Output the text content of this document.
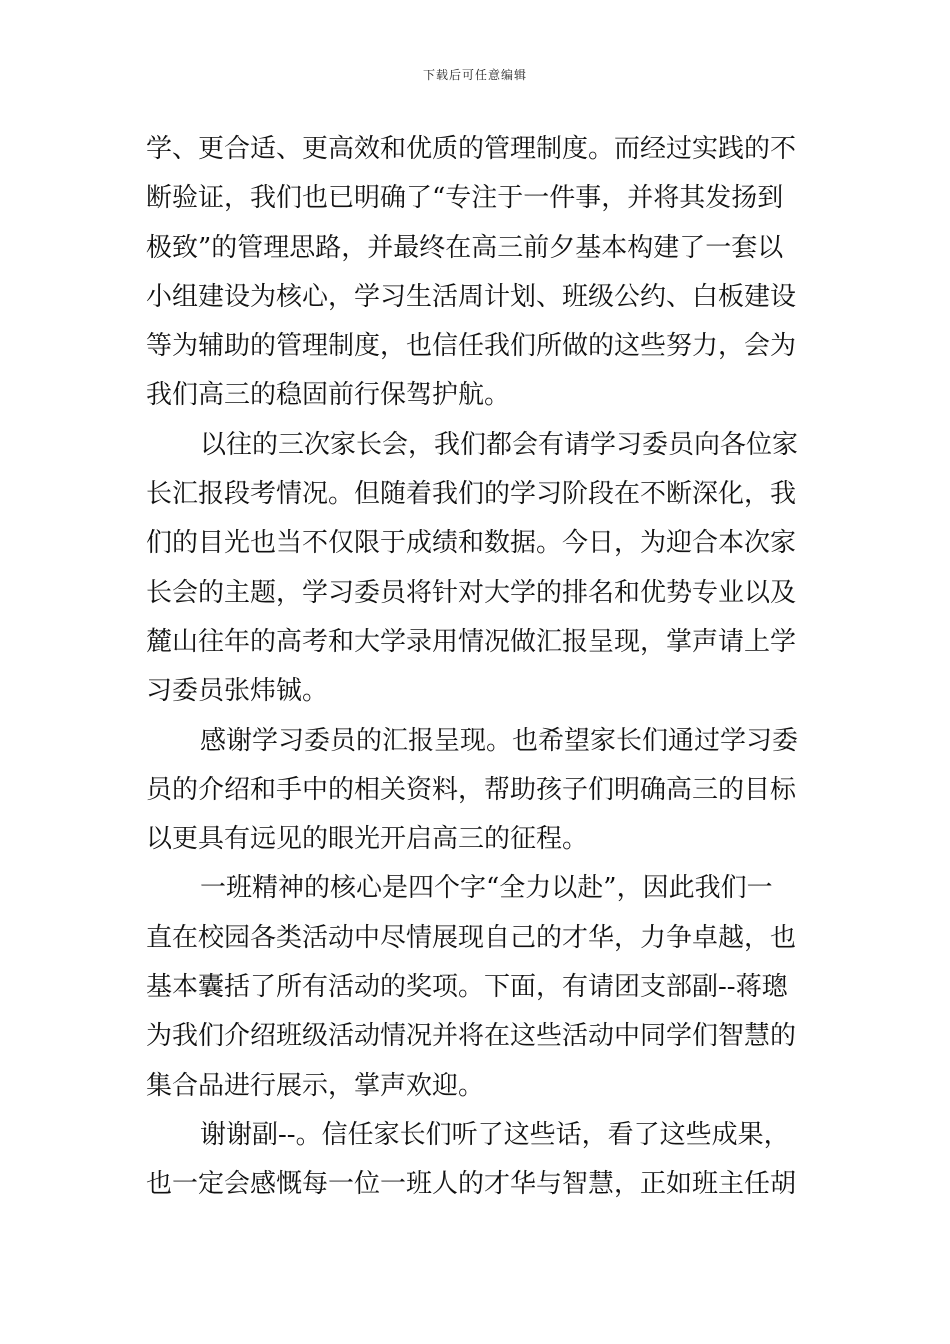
下载后可任意编辑
学、更合适、更高效和优质的管理制度。而经过实践的不
断验证，我们也已明确了“专注于一件事，并将其发扬到
极致”的管理思路，并最终在高三前夕基本构建了一套以
小组建设为核心，学习生活周计划、班级公约、白板建设
等为辅助的管理制度，也信任我们所做的这些努力，会为
我们高三的稳固前行保驾护航。
以往的三次家长会，我们都会有请学习委员向各位家
长汇报段考情况。但随着我们的学习阶段在不断深化，我
们的目光也当不仅限于成绩和数据。今日，为迎合本次家
长会的主题，学习委员将针对大学的排名和优势专业以及
麓山往年的高考和大学录用情况做汇报呈现，掌声请上学
习委员张炜铖。
感谢学习委员的汇报呈现。也希望家长们通过学习委
员的介绍和手中的相关资料，帮助孩子们明确高三的目标
以更具有远见的眼光开启高三的征程。
一班精神的核心是四个字“全力以赴”，因此我们一
直在校园各类活动中尽情展现自己的才华，力争卓越，也
基本囊括了所有活动的奖项。下面，有请团支部副--蒋璁
为我们介绍班级活动情况并将在这些活动中同学们智慧的
集合品进行展示，掌声欢迎。
谢谢副--。信任家长们听了这些话，看了这些成果，
也一定会感慨每一位一班人的才华与智慧，正如班主任胡
